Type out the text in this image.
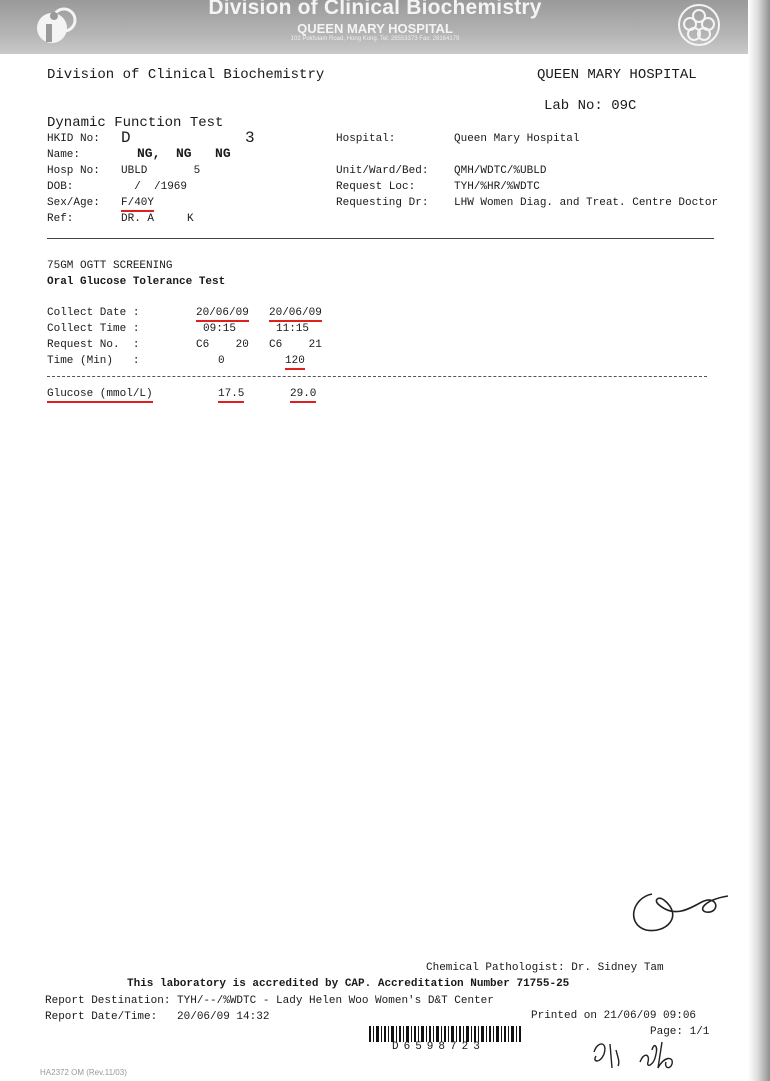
Division of Clinical Biochemistry
QUEEN MARY HOSPITAL
102 Pokfulam Road, Hong Kong. Tel: 28553373 Fax: 28164179
Division of Clinical Biochemistry	QUEEN MARY HOSPITAL
Lab No: 09C
Dynamic Function Test
HKID No: D	3
Name:	NG,  NG   NG
Hosp No: UBLD       5
DOB:	/  /1969
Sex/Age: F/40Y
Ref:	DR. A     K
Hospital:	Queen Mary Hospital
Unit/Ward/Bed: QMH/WDTC/%UBLD
Request Loc:	TYH/%HR/%WDTC
Requesting Dr: LHW Women Diag. and Treat. Centre Doctor
75GM OGTT SCREENING
Oral Glucose Tolerance Test
Collect Date :	20/06/09 20/06/09
Collect Time :	09:15	11:15
Request No.  :	C6    20 C6    21
Time (Min)   :	0	120
Glucose (mmol/L)	17.5	29.0
Chemical Pathologist: Dr. Sidney Tam
This laboratory is accredited by CAP. Accreditation Number 71755-25
Report Destination: TYH/--/%WDTC - Lady Helen Woo Women's D&T Center
Report Date/Time:   20/06/09 14:32	Printed on 21/06/09 09:06
Page: 1/1
D6598723
HA2372 OM (Rev.11/03)
